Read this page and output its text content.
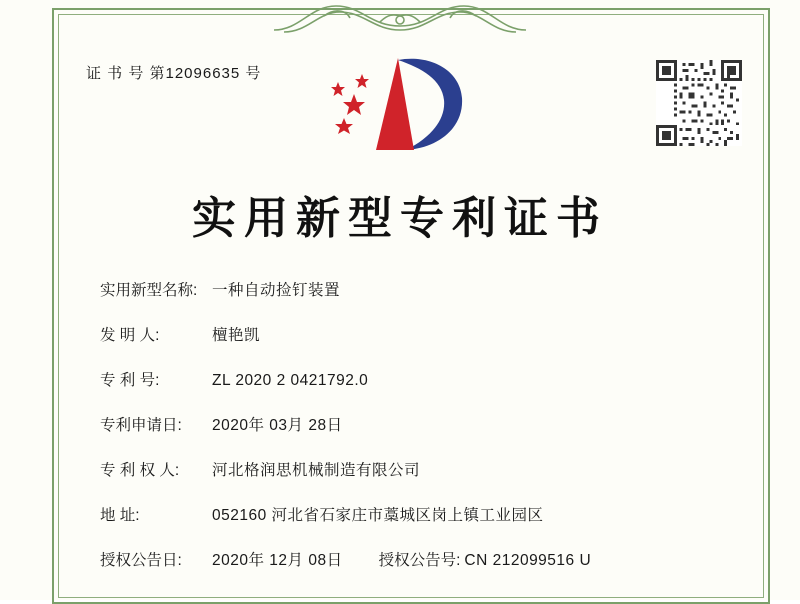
证 书 号 第12096635 号
实用新型专利证书
实用新型名称: 一种自动捡钉装置
发 明 人:	檀艳凯
专 利 号:	ZL 2020 2 0421792.0
专利申请日:	2020年 03月 28日
专 利 权 人:	河北格润思机械制造有限公司
地 址:	052160 河北省石家庄市藁城区岗上镇工业园区
授权公告日:	2020年 12月 08日 授权公告号: CN 212099516 U
